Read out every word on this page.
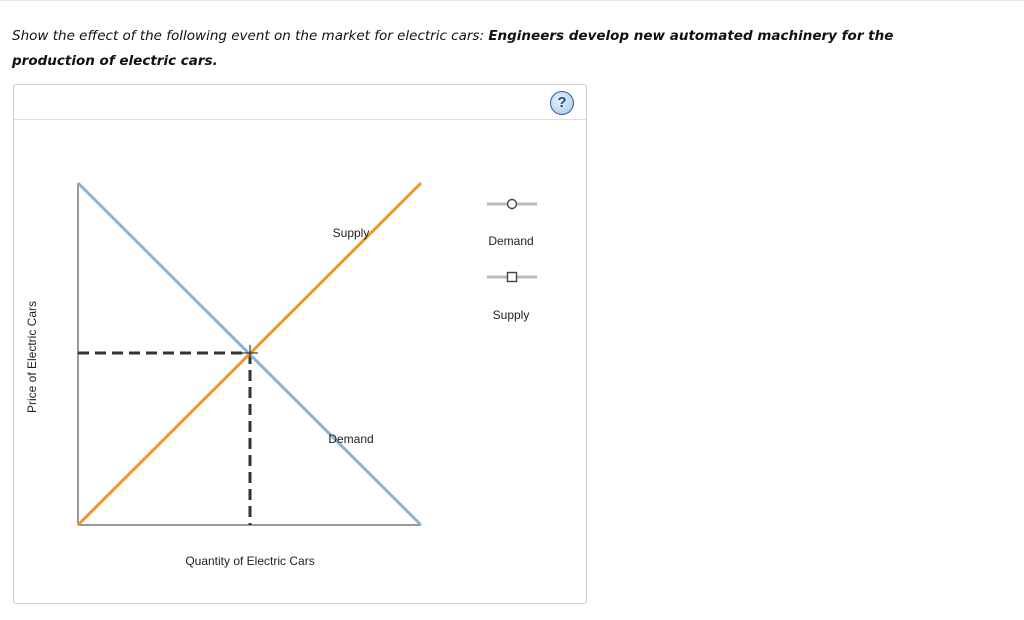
Show the effect of the following event on the market for electric cars: Engineers develop new automated machinery for the production of electric cars.
?
Price of Electric Cars
Quantity of Electric Cars
Supply
Demand
Demand
Supply
